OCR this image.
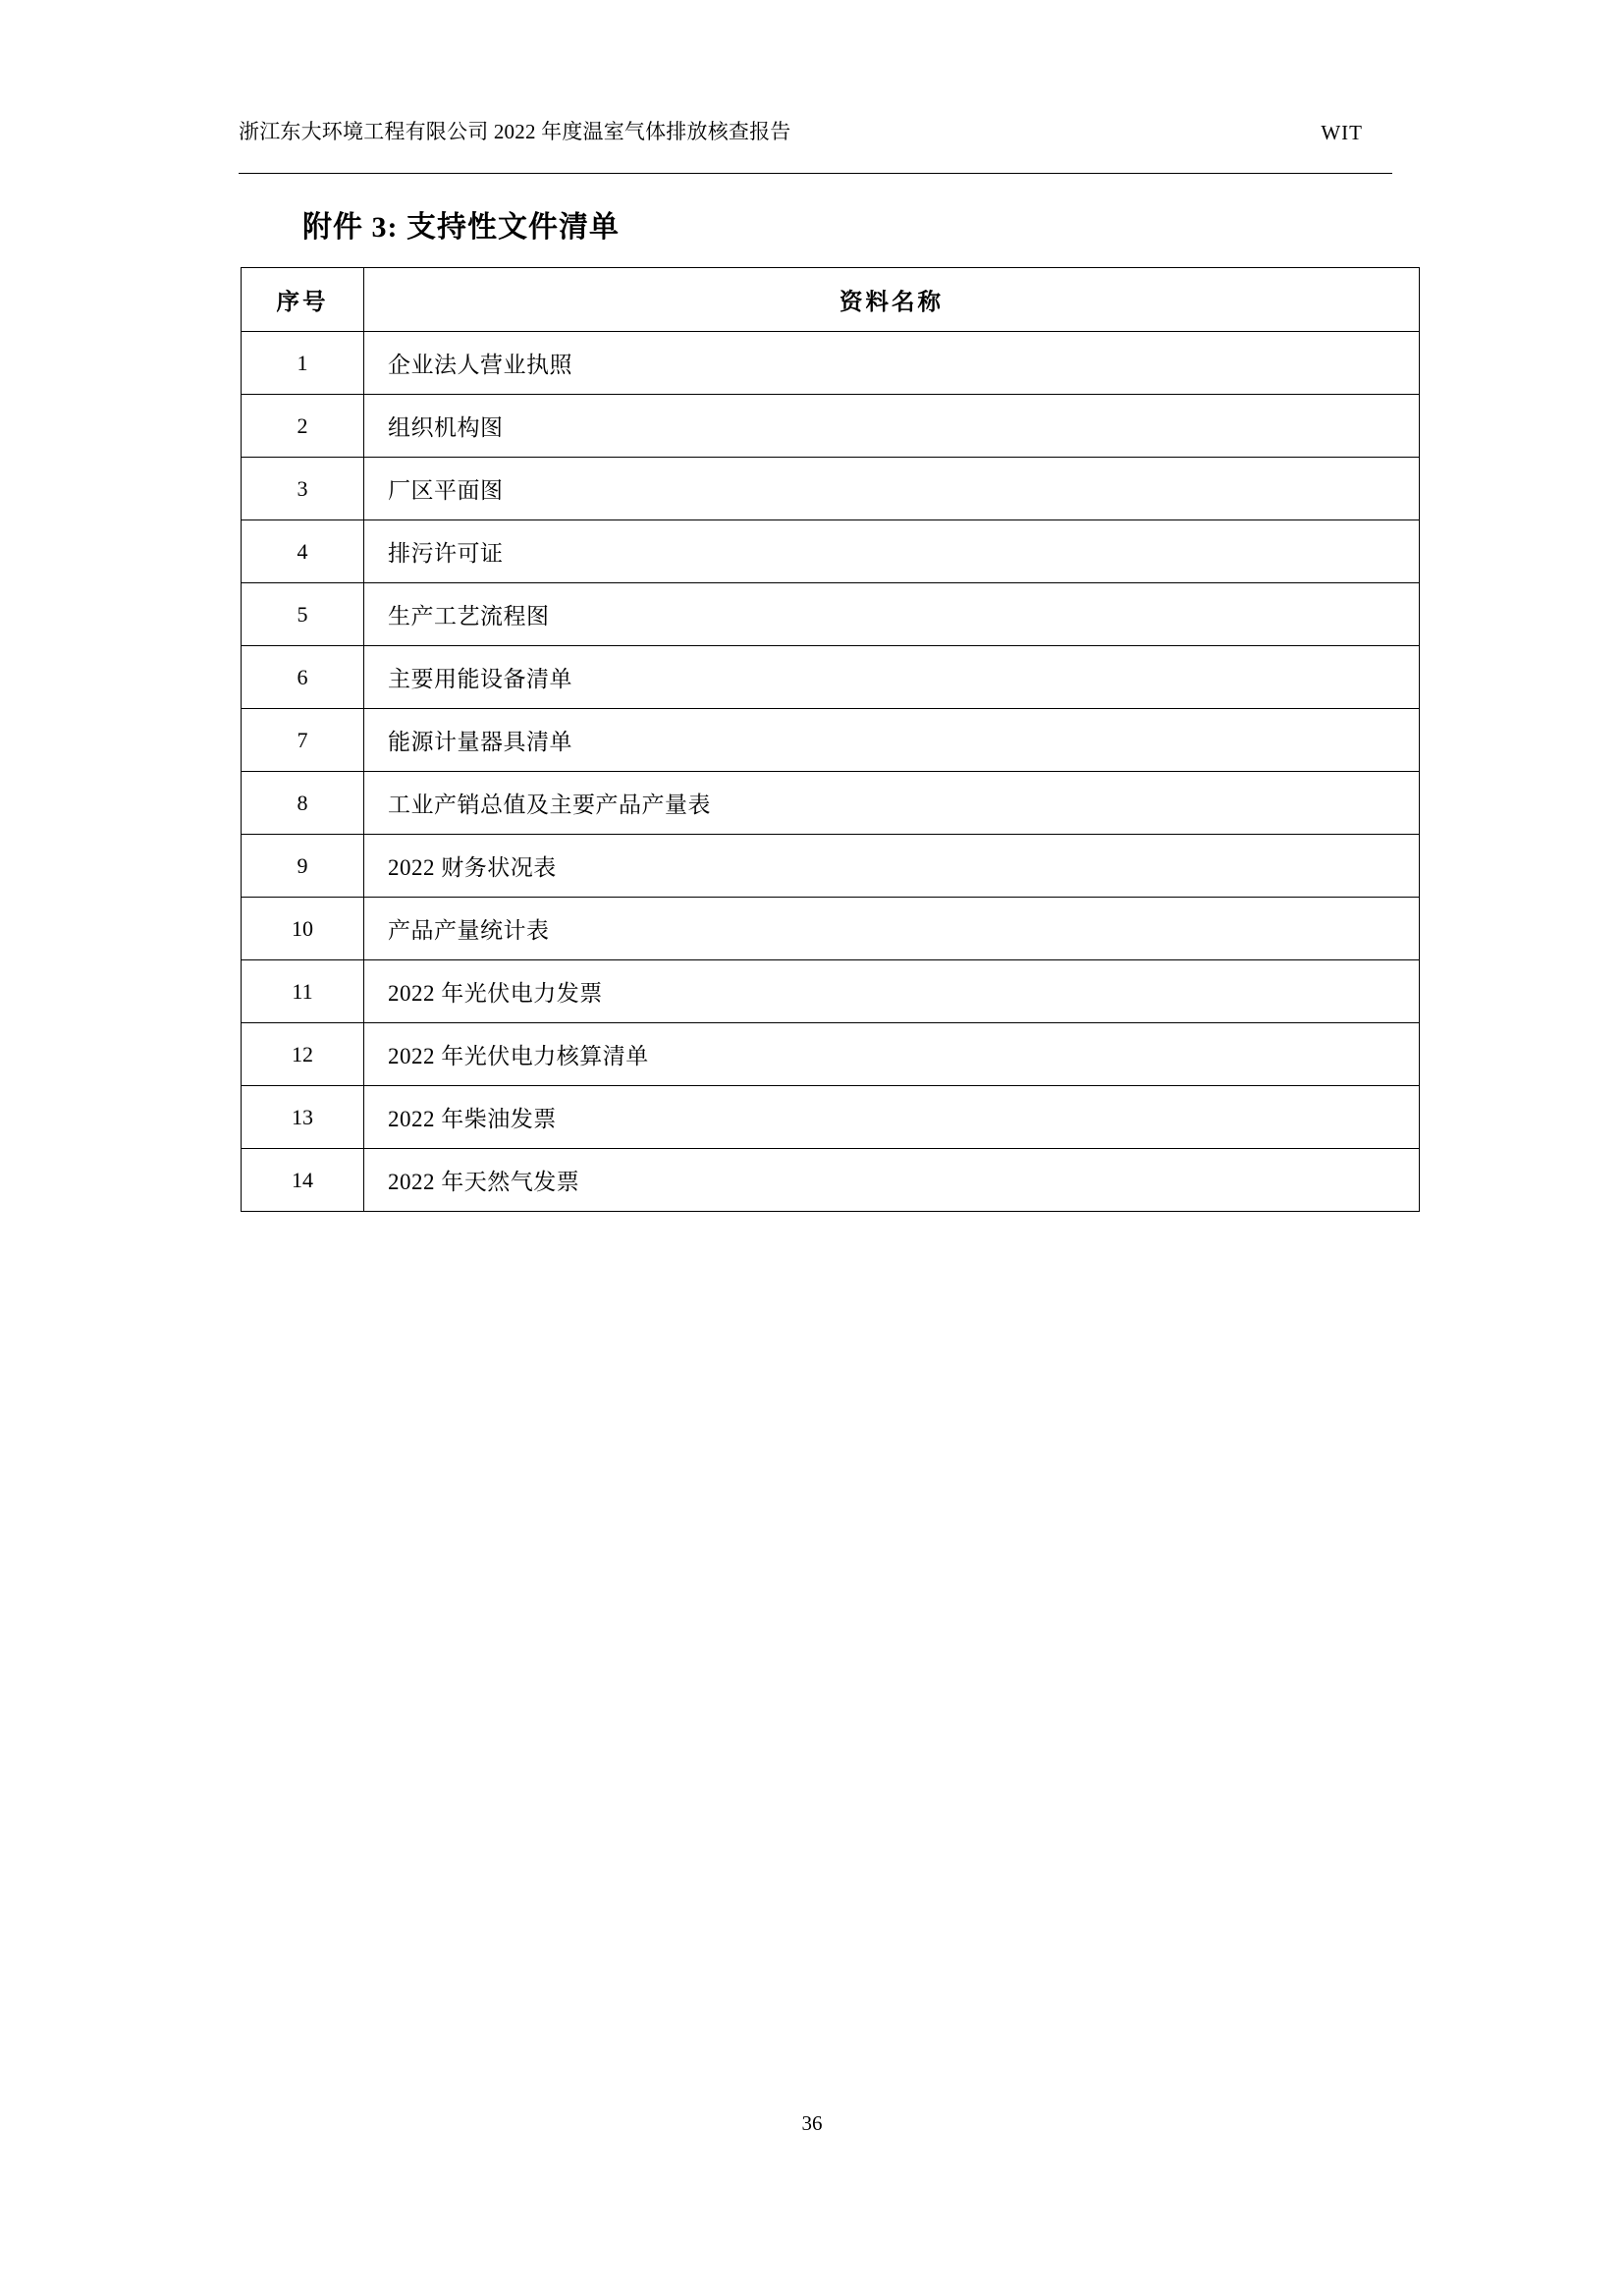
浙江东大环境工程有限公司 2022 年度温室气体排放核查报告	WIT
附件 3: 支持性文件清单
序号	资料名称
1	企业法人营业执照
2	组织机构图
3	厂区平面图
4	排污许可证
5	生产工艺流程图
6	主要用能设备清单
7	能源计量器具清单
8	工业产销总值及主要产品产量表
9	2022 财务状况表
10	产品产量统计表
11	2022 年光伏电力发票
12	2022 年光伏电力核算清单
13	2022 年柴油发票
14	2022 年天然气发票
36
